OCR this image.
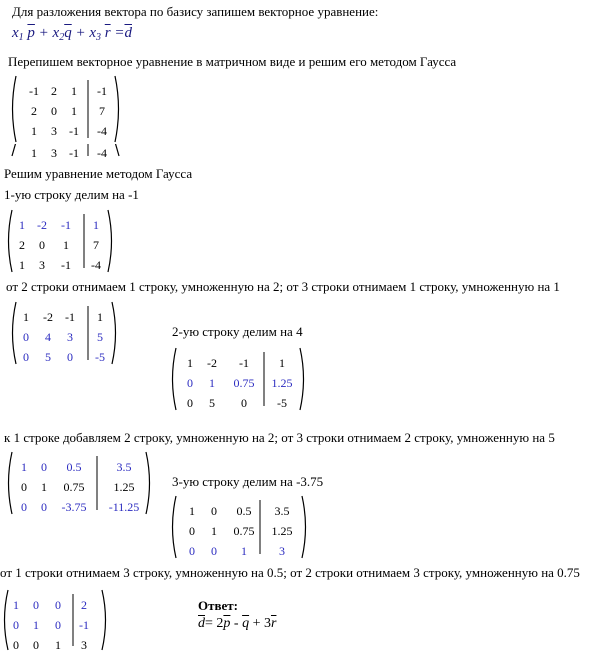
Для разложения вектора по базису запишем векторное уравнение:
$x_1$ $\overline{p} + x_2\overline{q} + x_3$ $\overline{r} =\overline{d}$
Перепишем векторное уравнение в матричном виде и решим его методом Гаусса
-1	2	1	-1
2	0	1	7
1	3	-1	-4
1	3	-1	-4
Решим уравнение методом Гаусса
1-ую строку делим на -1
1	-2	-1	1
2	0	1	7
1	3	-1	-4
от 2 строки отнимаем 1 строку, умноженную на 2; от 3 строки отнимаем 1 строку, умноженную на 1
1	-2	-1	1
0	4	3	5
0	5	0	-5
2-ую строку делим на 4
1	-2	-1	1
0	1	0.75	1.25
0	5	0	-5
к 1 строке добавляем 2 строку, умноженную на 2; от 3 строки отнимаем 2 строку, умноженную на 5
1	0	0.5	3.5
0	1	0.75	1.25
0	0	-3.75	-11.25
3-ую строку делим на -3.75
1	0	0.5	3.5
0	1	0.75	1.25
0	0	1	3
от 1 строки отнимаем 3 строку, умноженную на 0.5; от 2 строки отнимаем 3 строку, умноженную на 0.75
1	0	0	2
0	1	0	-1
0	0	1	3
Ответ:
$\overline{d}= 2\overline{p} - \overline{q} + 3\overline{r}$
